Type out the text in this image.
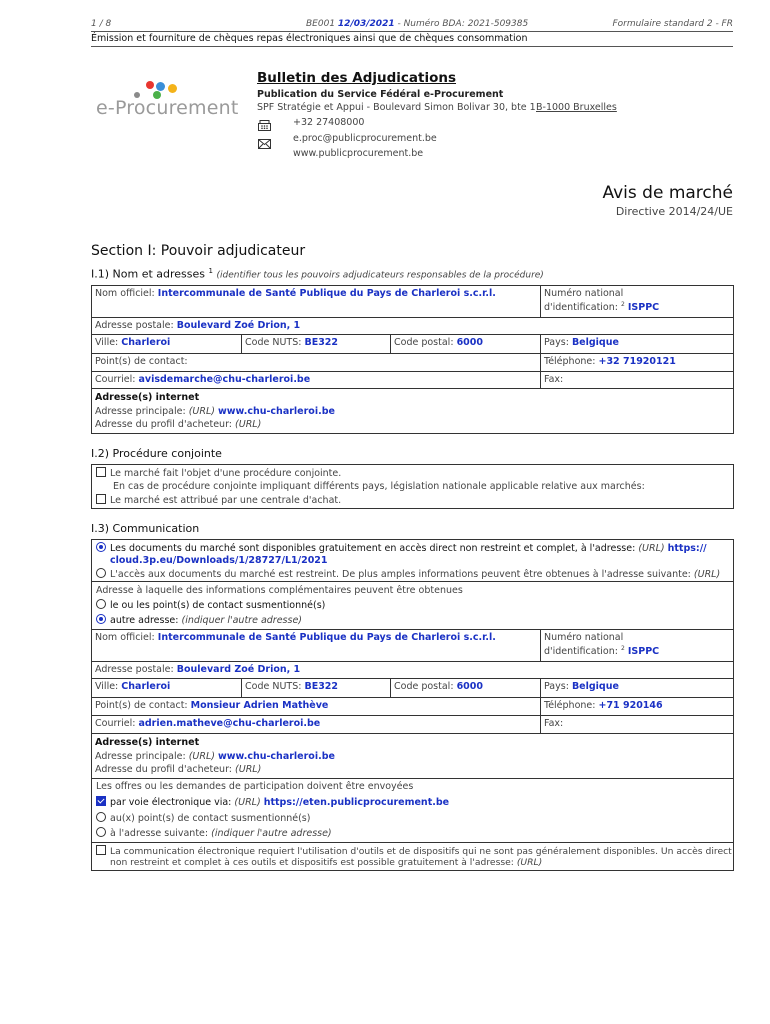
1 / 8	BE001 12/03/2021 - Numéro BDA: 2021-509385	Formulaire standard 2 - FR
Émission et fourniture de chèques repas électroniques ainsi que de chèques consommation
e-Procurement
Bulletin des Adjudications
Publication du Service Fédéral e-Procurement
SPF Stratégie et Appui - Boulevard Simon Bolivar 30, bte 1 B-1000 Bruxelles
+32 27408000
e.proc@publicprocurement.be
www.publicprocurement.be
Avis de marché
Directive 2014/24/UE
Section I: Pouvoir adjudicateur
I.1) Nom et adresses $^1$ (identifier tous les pouvoirs adjudicateurs responsables de la procédure)
Nom officiel: Intercommunale de Santé Publique du Pays de Charleroi s.c.r.l.	Numéro national
d'identification: $^2$ ISPPC
Adresse postale: Boulevard Zoé Drion, 1
Ville: Charleroi	Code NUTS: BE322	Code postal: 6000	Pays: Belgique
Point(s) de contact:	Téléphone: +32 71920121
Courriel: avisdemarche@chu-charleroi.be	Fax:
Adresse(s) internet
Adresse principale: (URL) www.chu-charleroi.be
Adresse du profil d'acheteur: (URL)
I.2) Procédure conjointe
Le marché fait l'objet d'une procédure conjointe.
En cas de procédure conjointe impliquant différents pays, législation nationale applicable relative aux marchés:
Le marché est attribué par une centrale d'achat.
I.3) Communication
Les documents du marché sont disponibles gratuitement en accès direct non restreint et complet, à l'adresse: (URL) https://
cloud.3p.eu/Downloads/1/28727/L1/2021
L'accès aux documents du marché est restreint. De plus amples informations peuvent être obtenues à l'adresse suivante: (URL)
Adresse à laquelle des informations complémentaires peuvent être obtenues
le ou les point(s) de contact susmentionné(s)
autre adresse: (indiquer l'autre adresse)
Nom officiel: Intercommunale de Santé Publique du Pays de Charleroi s.c.r.l.	Numéro national
d'identification: $^2$ ISPPC
Adresse postale: Boulevard Zoé Drion, 1
Ville: Charleroi	Code NUTS: BE322	Code postal: 6000	Pays: Belgique
Point(s) de contact: Monsieur Adrien Mathève	Téléphone: +71 920146
Courriel: adrien.matheve@chu-charleroi.be	Fax:
Adresse(s) internet
Adresse principale: (URL) www.chu-charleroi.be
Adresse du profil d'acheteur: (URL)
Les offres ou les demandes de participation doivent être envoyées
par voie électronique via: (URL) https://eten.publicprocurement.be
au(x) point(s) de contact susmentionné(s)
à l'adresse suivante: (indiquer l'autre adresse)
La communication électronique requiert l'utilisation d'outils et de dispositifs qui ne sont pas généralement disponibles. Un accès direct
non restreint et complet à ces outils et dispositifs est possible gratuitement à l'adresse: (URL)
